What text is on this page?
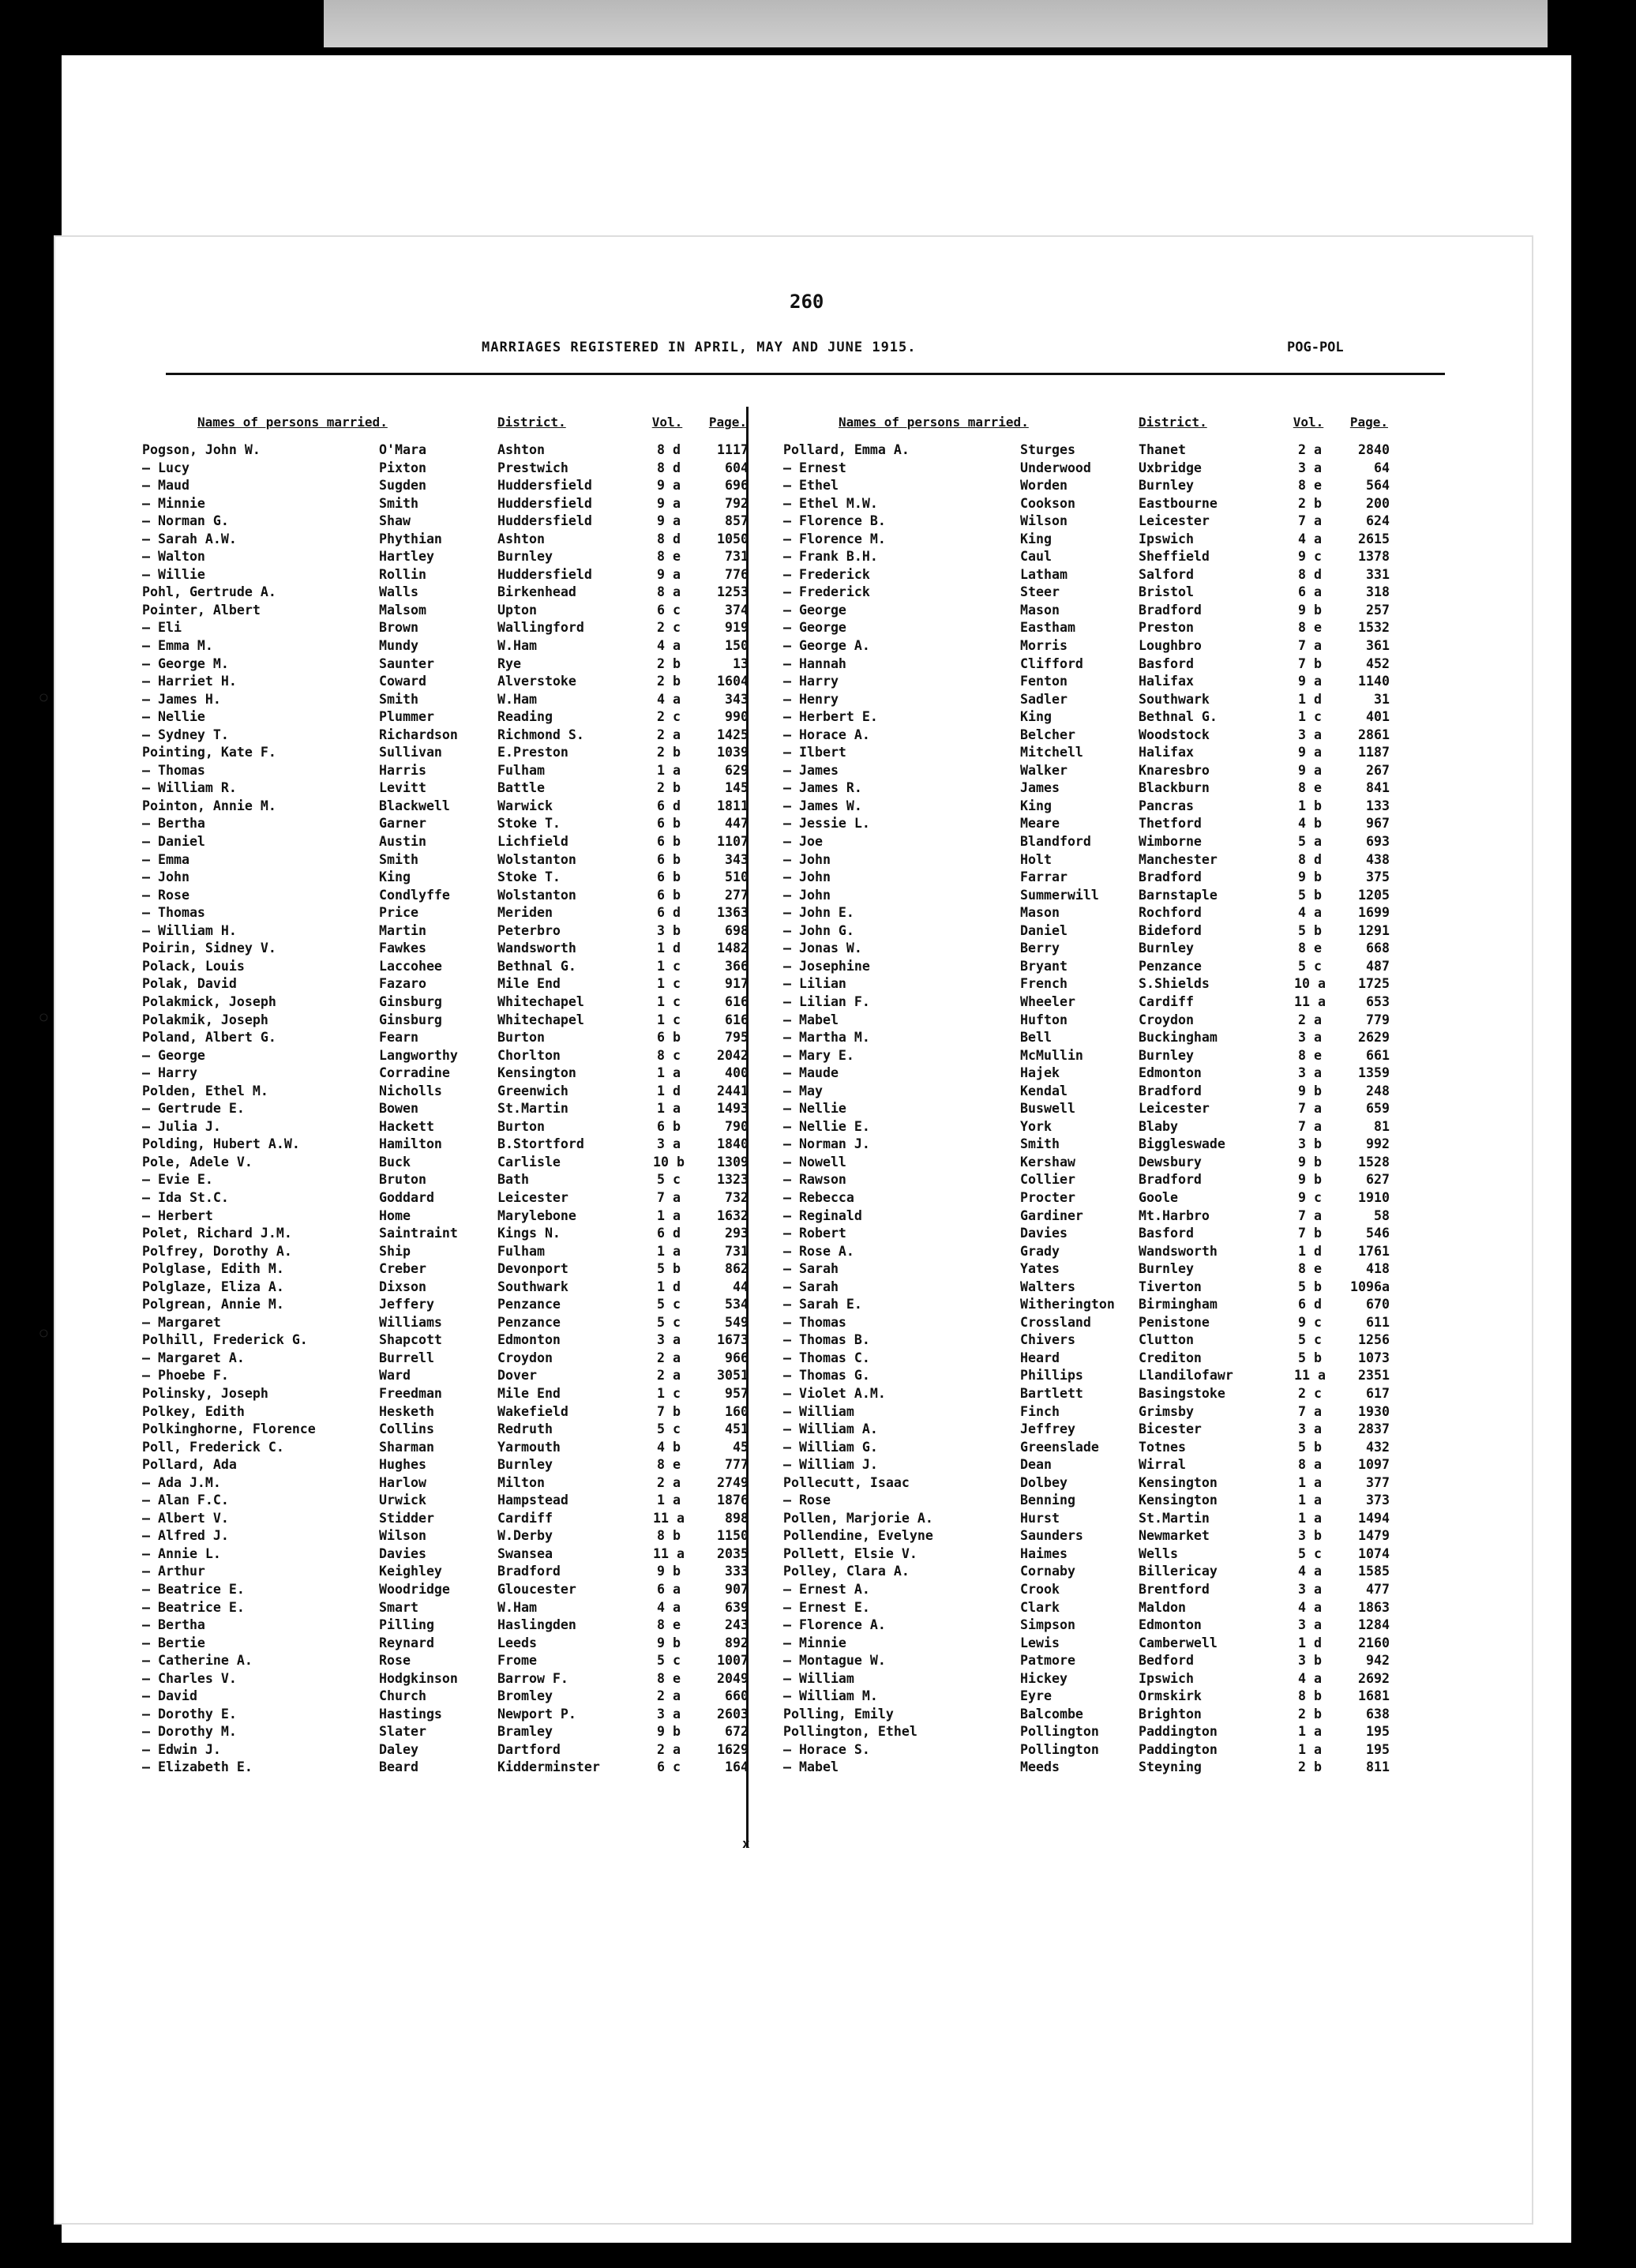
260
MARRIAGES REGISTERED IN APRIL, MAY AND JUNE 1915.	POG-POL
Names of persons married.	District.	Vol.	Page.
Pogson, John W.	O'Mara	Ashton	8 d	1117
— Lucy	Pixton	Prestwich	8 d	604
— Maud	Sugden	Huddersfield	9 a	696
— Minnie	Smith	Huddersfield	9 a	792
— Norman G.	Shaw	Huddersfield	9 a	857
— Sarah A.W.	Phythian	Ashton	8 d	1050
— Walton	Hartley	Burnley	8 e	731
— Willie	Rollin	Huddersfield	9 a	776
Pohl, Gertrude A.	Walls	Birkenhead	8 a	1253
Pointer, Albert	Malsom	Upton	6 c	374
— Eli	Brown	Wallingford	2 c	919
— Emma M.	Mundy	W.Ham	4 a	150
— George M.	Saunter	Rye	2 b	13
— Harriet H.	Coward	Alverstoke	2 b	1604
— James H.	Smith	W.Ham	4 a	343
— Nellie	Plummer	Reading	2 c	990
— Sydney T.	Richardson	Richmond S.	2 a	1425
Pointing, Kate F.	Sullivan	E.Preston	2 b	1039
— Thomas	Harris	Fulham	1 a	629
— William R.	Levitt	Battle	2 b	145
Pointon, Annie M.	Blackwell	Warwick	6 d	1811
— Bertha	Garner	Stoke T.	6 b	447
— Daniel	Austin	Lichfield	6 b	1107
— Emma	Smith	Wolstanton	6 b	343
— John	King	Stoke T.	6 b	510
— Rose	Condlyffe	Wolstanton	6 b	277
— Thomas	Price	Meriden	6 d	1363
— William H.	Martin	Peterbro	3 b	698
Poirin, Sidney V.	Fawkes	Wandsworth	1 d	1482
Polack, Louis	Laccohee	Bethnal G.	1 c	366
Polak, David	Fazaro	Mile End	1 c	917
Polakmick, Joseph	Ginsburg	Whitechapel	1 c	616
Polakmik, Joseph	Ginsburg	Whitechapel	1 c	616
Poland, Albert G.	Fearn	Burton	6 b	795
— George	Langworthy	Chorlton	8 c	2042
— Harry	Corradine	Kensington	1 a	400
Polden, Ethel M.	Nicholls	Greenwich	1 d	2441
— Gertrude E.	Bowen	St.Martin	1 a	1493
— Julia J.	Hackett	Burton	6 b	790
Polding, Hubert A.W.	Hamilton	B.Stortford	3 a	1840
Pole, Adele V.	Buck	Carlisle	10 b	1309
— Evie E.	Bruton	Bath	5 c	1323
— Ida St.C.	Goddard	Leicester	7 a	732
— Herbert	Home	Marylebone	1 a	1632
Polet, Richard J.M.	Saintraint	Kings N.	6 d	293
Polfrey, Dorothy A.	Ship	Fulham	1 a	731
Polglase, Edith M.	Creber	Devonport	5 b	862
Polglaze, Eliza A.	Dixson	Southwark	1 d	44
Polgrean, Annie M.	Jeffery	Penzance	5 c	534
— Margaret	Williams	Penzance	5 c	549
Polhill, Frederick G.	Shapcott	Edmonton	3 a	1673
— Margaret A.	Burrell	Croydon	2 a	966
— Phoebe F.	Ward	Dover	2 a	3051
Polinsky, Joseph	Freedman	Mile End	1 c	957
Polkey, Edith	Hesketh	Wakefield	7 b	160
Polkinghorne, Florence	Collins	Redruth	5 c	451
Poll, Frederick C.	Sharman	Yarmouth	4 b	45
Pollard, Ada	Hughes	Burnley	8 e	777
— Ada J.M.	Harlow	Milton	2 a	2749
— Alan F.C.	Urwick	Hampstead	1 a	1876
— Albert V.	Stidder	Cardiff	11 a	898
— Alfred J.	Wilson	W.Derby	8 b	1150
— Annie L.	Davies	Swansea	11 a	2035
— Arthur	Keighley	Bradford	9 b	333
— Beatrice E.	Woodridge	Gloucester	6 a	907
— Beatrice E.	Smart	W.Ham	4 a	639
— Bertha	Pilling	Haslingden	8 e	243
— Bertie	Reynard	Leeds	9 b	892
— Catherine A.	Rose	Frome	5 c	1007
— Charles V.	Hodgkinson	Barrow F.	8 e	2049
— David	Church	Bromley	2 a	660
— Dorothy E.	Hastings	Newport P.	3 a	2603
— Dorothy M.	Slater	Bramley	9 b	672
— Edwin J.	Daley	Dartford	2 a	1629
— Elizabeth E.	Beard	Kidderminster	6 c	164
Names of persons married.	District.	Vol.	Page.
Pollard, Emma A.	Sturges	Thanet	2 a	2840
— Ernest	Underwood	Uxbridge	3 a	64
— Ethel	Worden	Burnley	8 e	564
— Ethel M.W.	Cookson	Eastbourne	2 b	200
— Florence B.	Wilson	Leicester	7 a	624
— Florence M.	King	Ipswich	4 a	2615
— Frank B.H.	Caul	Sheffield	9 c	1378
— Frederick	Latham	Salford	8 d	331
— Frederick	Steer	Bristol	6 a	318
— George	Mason	Bradford	9 b	257
— George	Eastham	Preston	8 e	1532
— George A.	Morris	Loughbro	7 a	361
— Hannah	Clifford	Basford	7 b	452
— Harry	Fenton	Halifax	9 a	1140
— Henry	Sadler	Southwark	1 d	31
— Herbert E.	King	Bethnal G.	1 c	401
— Horace A.	Belcher	Woodstock	3 a	2861
— Ilbert	Mitchell	Halifax	9 a	1187
— James	Walker	Knaresbro	9 a	267
— James R.	James	Blackburn	8 e	841
— James W.	King	Pancras	1 b	133
— Jessie L.	Meare	Thetford	4 b	967
— Joe	Blandford	Wimborne	5 a	693
— John	Holt	Manchester	8 d	438
— John	Farrar	Bradford	9 b	375
— John	Summerwill	Barnstaple	5 b	1205
— John E.	Mason	Rochford	4 a	1699
— John G.	Daniel	Bideford	5 b	1291
— Jonas W.	Berry	Burnley	8 e	668
— Josephine	Bryant	Penzance	5 c	487
— Lilian	French	S.Shields	10 a	1725
— Lilian F.	Wheeler	Cardiff	11 a	653
— Mabel	Hufton	Croydon	2 a	779
— Martha M.	Bell	Buckingham	3 a	2629
— Mary E.	McMullin	Burnley	8 e	661
— Maude	Hajek	Edmonton	3 a	1359
— May	Kendal	Bradford	9 b	248
— Nellie	Buswell	Leicester	7 a	659
— Nellie E.	York	Blaby	7 a	81
— Norman J.	Smith	Biggleswade	3 b	992
— Nowell	Kershaw	Dewsbury	9 b	1528
— Rawson	Collier	Bradford	9 b	627
— Rebecca	Procter	Goole	9 c	1910
— Reginald	Gardiner	Mt.Harbro	7 a	58
— Robert	Davies	Basford	7 b	546
— Rose A.	Grady	Wandsworth	1 d	1761
— Sarah	Yates	Burnley	8 e	418
— Sarah	Walters	Tiverton	5 b	1096a
— Sarah E.	Witherington	Birmingham	6 d	670
— Thomas	Crossland	Penistone	9 c	611
— Thomas B.	Chivers	Clutton	5 c	1256
— Thomas C.	Heard	Crediton	5 b	1073
— Thomas G.	Phillips	Llandilofawr	11 a	2351
— Violet A.M.	Bartlett	Basingstoke	2 c	617
— William	Finch	Grimsby	7 a	1930
— William A.	Jeffrey	Bicester	3 a	2837
— William G.	Greenslade	Totnes	5 b	432
— William J.	Dean	Wirral	8 a	1097
Pollecutt, Isaac	Dolbey	Kensington	1 a	377
— Rose	Benning	Kensington	1 a	373
Pollen, Marjorie A.	Hurst	St.Martin	1 a	1494
Pollendine, Evelyne	Saunders	Newmarket	3 b	1479
Pollett, Elsie V.	Haimes	Wells	5 c	1074
Polley, Clara A.	Cornaby	Billericay	4 a	1585
— Ernest A.	Crook	Brentford	3 a	477
— Ernest E.	Clark	Maldon	4 a	1863
— Florence A.	Simpson	Edmonton	3 a	1284
— Minnie	Lewis	Camberwell	1 d	2160
— Montague W.	Patmore	Bedford	3 b	942
— William	Hickey	Ipswich	4 a	2692
— William M.	Eyre	Ormskirk	8 b	1681
Polling, Emily	Balcombe	Brighton	2 b	638
Pollington, Ethel	Pollington	Paddington	1 a	195
— Horace S.	Pollington	Paddington	1 a	195
— Mabel	Meeds	Steyning	2 b	811
x
◦
◦
◦
